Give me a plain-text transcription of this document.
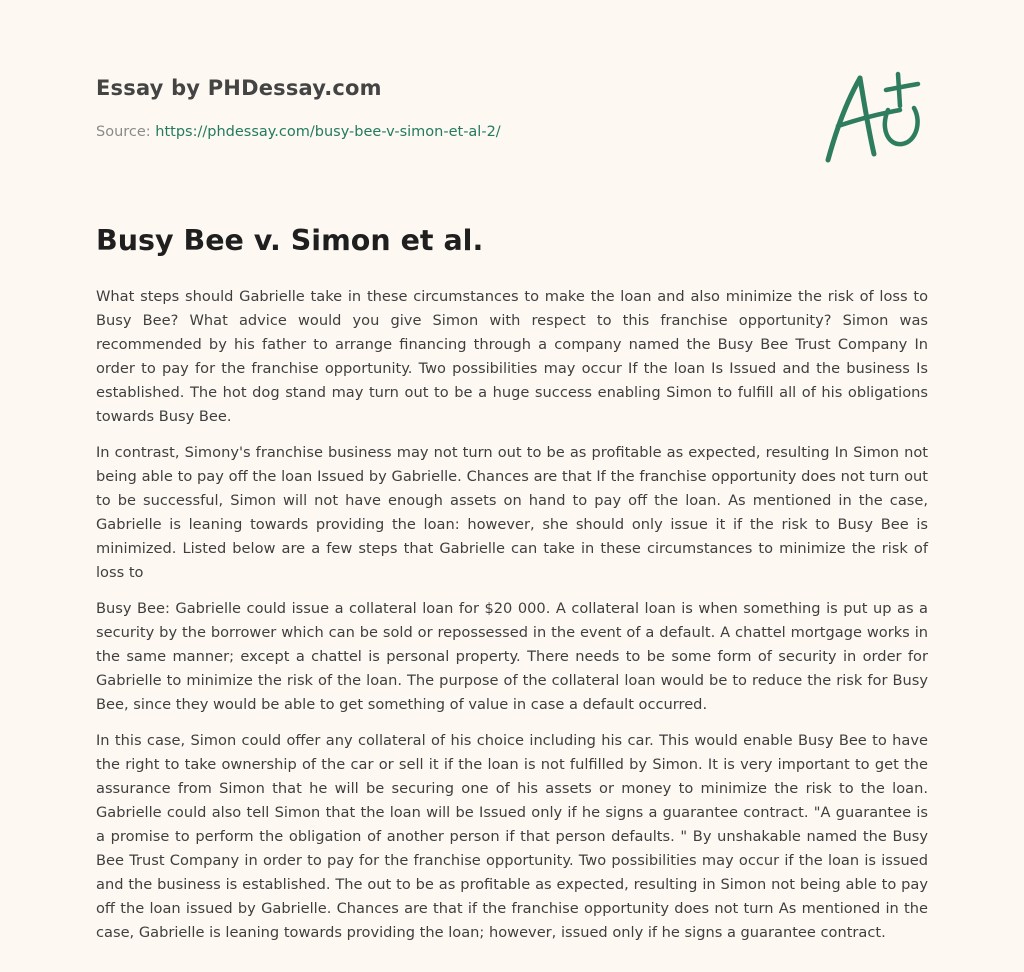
Essay by PHDessay.com
Source: https://phdessay.com/busy-bee-v-simon-et-al-2/
Busy Bee v. Simon et al.

What steps should Gabrielle take in these circumstances to make the loan and also minimize the risk of loss to Busy Bee? What advice would you give Simon with respect to this franchise opportunity? Simon was recommended by his father to arrange financing through a company named the Busy Bee Trust Company In order to pay for the franchise opportunity. Two possibilities may occur If the loan Is Issued and the business Is established. The hot dog stand may turn out to be a huge success enabling Simon to fulfill all of his obligations towards Busy Bee.

In contrast, Simony's franchise business may not turn out to be as profitable as expected, resulting In Simon not being able to pay off the loan Issued by Gabrielle. Chances are that If the franchise opportunity does not turn out to be successful, Simon will not have enough assets on hand to pay off the loan. As mentioned in the case, Gabrielle is leaning towards providing the loan: however, she should only issue it if the risk to Busy Bee is minimized. Listed below are a few steps that Gabrielle can take in these circumstances to minimize the risk of loss to

Busy Bee: Gabrielle could issue a collateral loan for $20 000. A collateral loan is when something is put up as a security by the borrower which can be sold or repossessed in the event of a default. A chattel mortgage works in the same manner; except a chattel is personal property. There needs to be some form of security in order for Gabrielle to minimize the risk of the loan. The purpose of the collateral loan would be to reduce the risk for Busy Bee, since they would be able to get something of value in case a default occurred.

In this case, Simon could offer any collateral of his choice including his car. This would enable Busy Bee to have the right to take ownership of the car or sell it if the loan is not fulfilled by Simon. It is very important to get the assurance from Simon that he will be securing one of his assets or money to minimize the risk to the loan. Gabrielle could also tell Simon that the loan will be Issued only if he signs a guarantee contract. "A guarantee is a promise to perform the obligation of another person if that person defaults. " By unshakable named the Busy Bee Trust Company in order to pay for the franchise opportunity. Two possibilities may occur if the loan is issued and the business is established. The out to be as profitable as expected, resulting in Simon not being able to pay off the loan issued by Gabrielle. Chances are that if the franchise opportunity does not turn As mentioned in the case, Gabrielle is leaning towards providing the loan; however, issued only if he signs a guarantee contract.
